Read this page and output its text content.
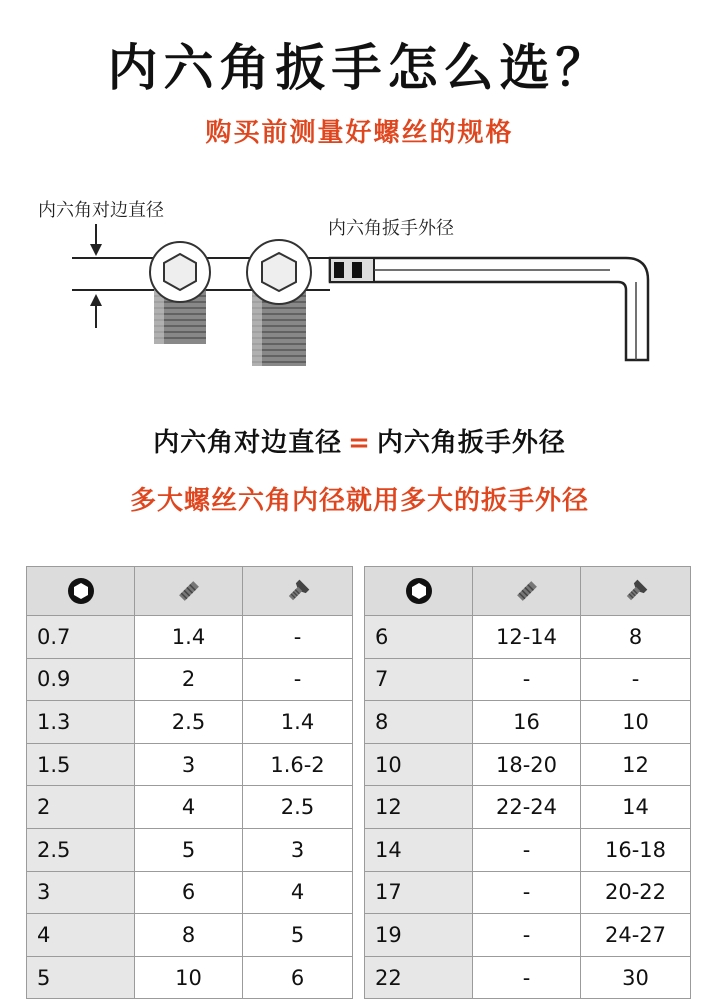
内六角扳手怎么选？
购买前测量好螺丝的规格
内六角对边直径
内六角扳手外径
内六角对边直径 = 内六角扳手外径
多大螺丝六角内径就用多大的扳手外径

0.7	1.4	-
0.9	2	-
1.3	2.5	1.4
1.5	3	1.6-2
2	4	2.5
2.5	5	3
3	6	4
4	8	5
5	10	6

6	12-14	8
7	-	-
8	16	10
10	18-20	12
12	22-24	14
14	-	16-18
17	-	20-22
19	-	24-27
22	-	30
